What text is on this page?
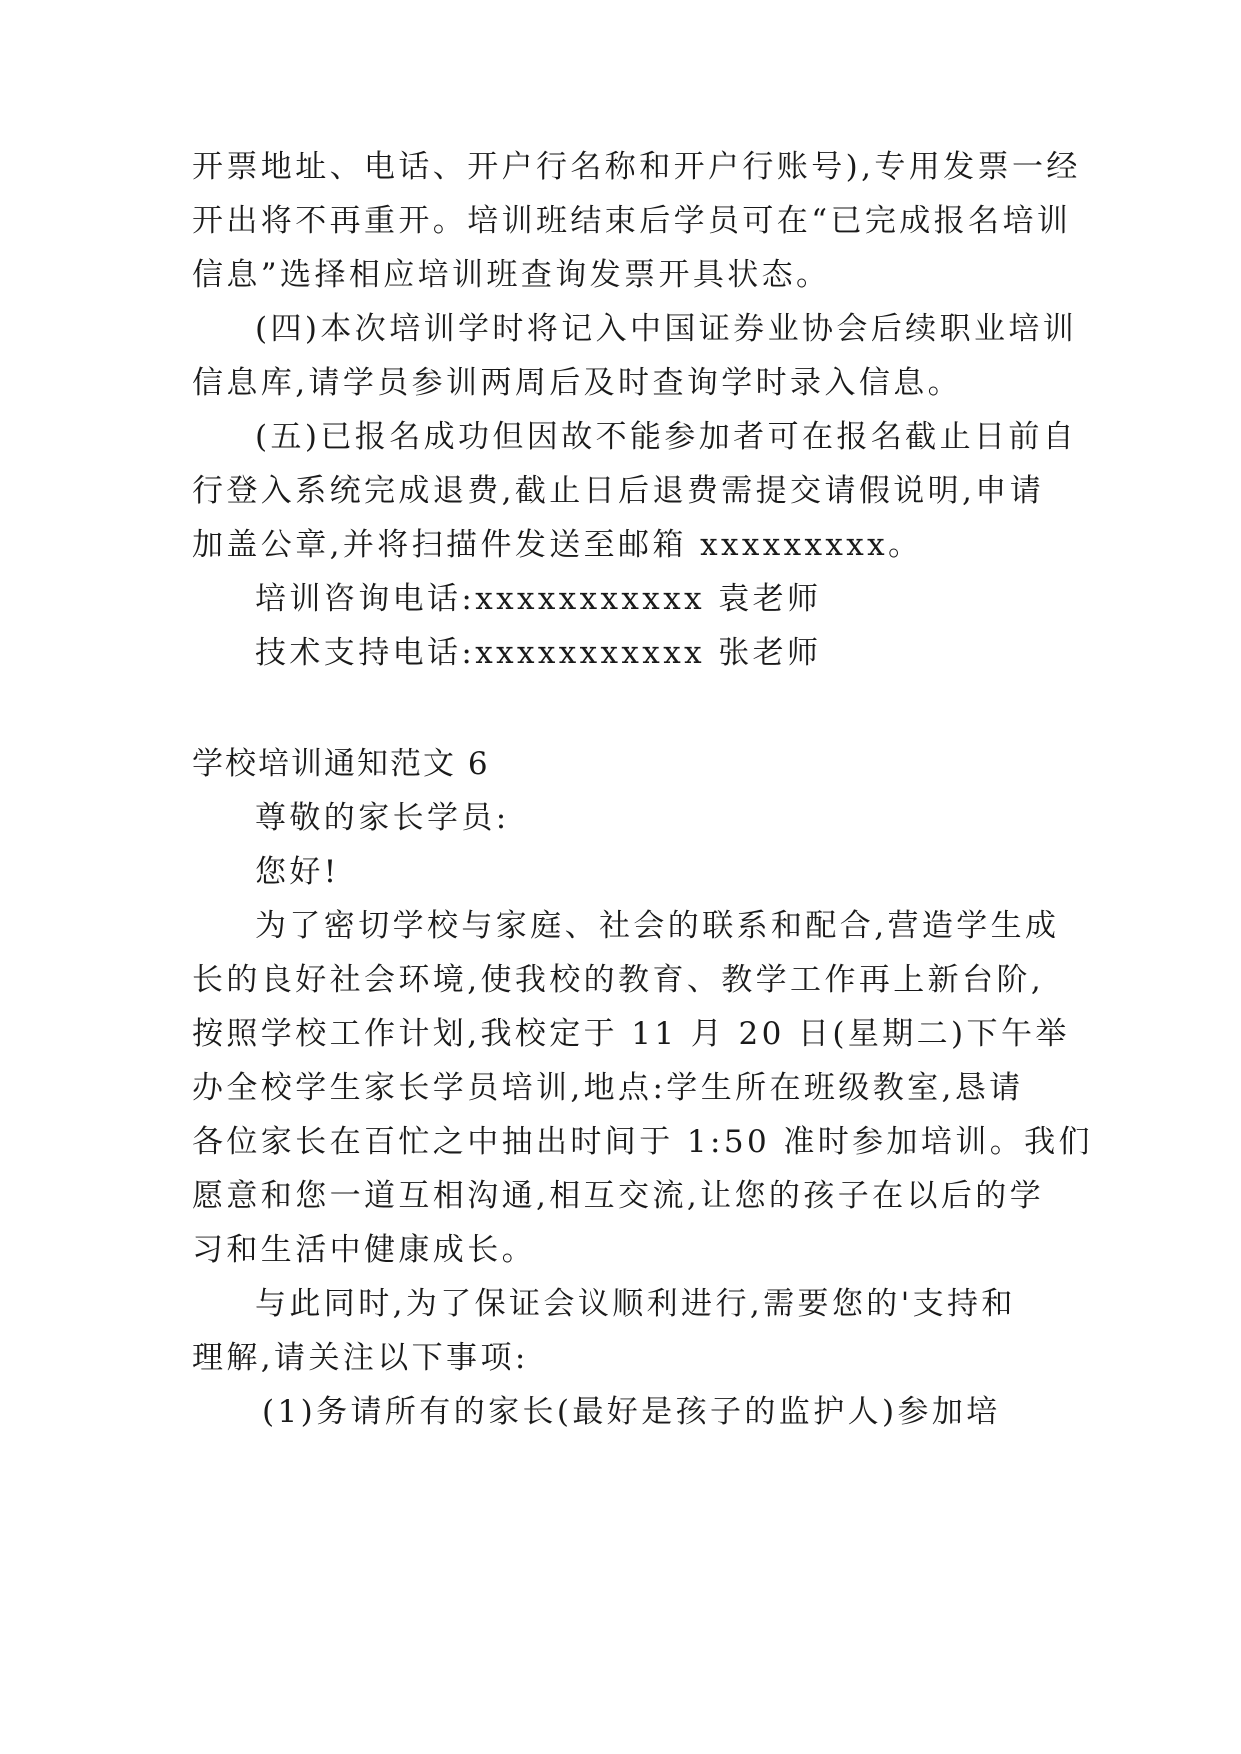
开票地址、电话、开户行名称和开户行账号),专用发票一经
开出将不再重开。培训班结束后学员可在“已完成报名培训
信息”选择相应培训班查询发票开具状态。
(四)本次培训学时将记入中国证券业协会后续职业培训
信息库,请学员参训两周后及时查询学时录入信息。
(五)已报名成功但因故不能参加者可在报名截止日前自
行登入系统完成退费,截止日后退费需提交请假说明,申请
加盖公章,并将扫描件发送至邮箱 xxxxxxxxx。
培训咨询电话:xxxxxxxxxxx 袁老师
技术支持电话:xxxxxxxxxxx 张老师
学校培训通知范文 6
尊敬的家长学员:
您好!
为了密切学校与家庭、社会的联系和配合,营造学生成
长的良好社会环境,使我校的教育、教学工作再上新台阶,
按照学校工作计划,我校定于 11 月 20 日(星期二)下午举
办全校学生家长学员培训,地点:学生所在班级教室,恳请
各位家长在百忙之中抽出时间于 1:50 准时参加培训。我们
愿意和您一道互相沟通,相互交流,让您的孩子在以后的学
习和生活中健康成长。
与此同时,为了保证会议顺利进行,需要您的'支持和
理解,请关注以下事项:
(1)务请所有的家长(最好是孩子的监护人)参加培
